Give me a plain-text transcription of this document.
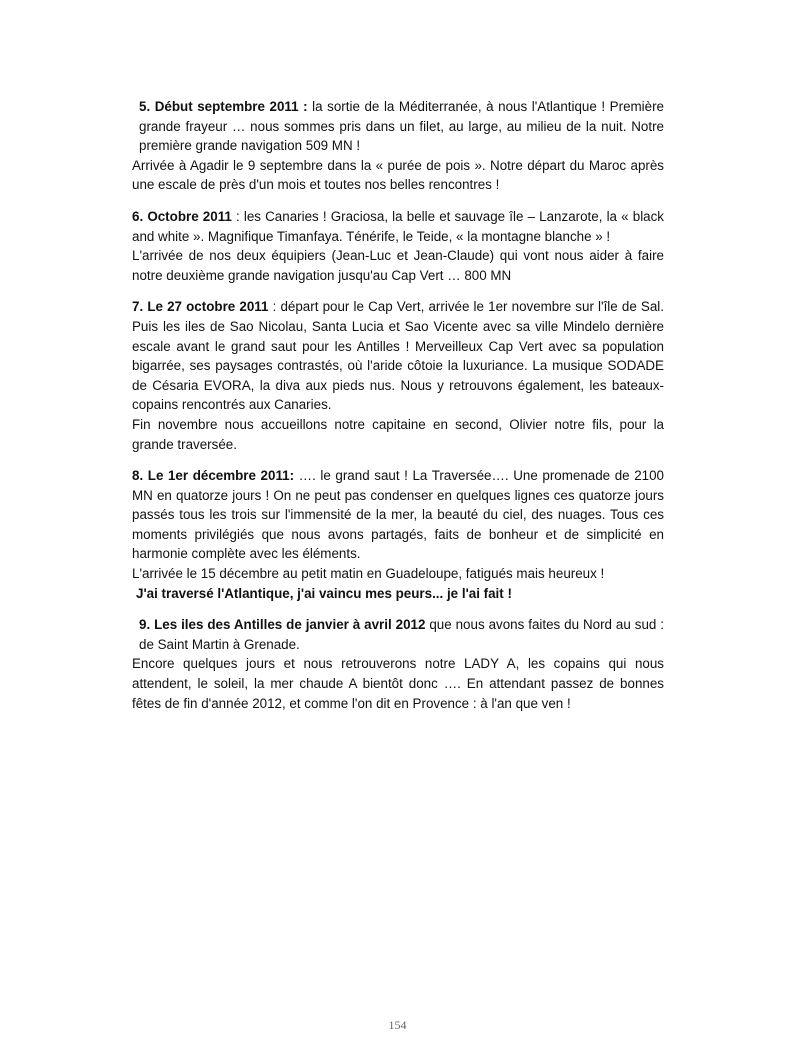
5. Début septembre 2011 : la sortie de la Méditerranée, à nous l'Atlantique ! Première grande frayeur … nous sommes pris dans un filet, au large, au milieu de la nuit. Notre première grande navigation 509 MN !

Arrivée à Agadir le 9 septembre dans la « purée de pois ». Notre départ du Maroc après une escale de près d'un mois et toutes nos belles rencontres !

6. Octobre 2011 : les Canaries ! Graciosa, la belle et sauvage île – Lanzarote, la « black and white ». Magnifique Timanfaya. Ténérife, le Teide, « la montagne blanche » !

L'arrivée de nos deux équipiers (Jean-Luc et Jean-Claude) qui vont nous aider à faire notre deuxième grande navigation jusqu'au Cap Vert … 800 MN

7. Le 27 octobre 2011 : départ pour le Cap Vert, arrivée le 1er novembre sur l'île de Sal. Puis les iles de Sao Nicolau, Santa Lucia et Sao Vicente avec sa ville Mindelo dernière escale avant le grand saut pour les Antilles ! Merveilleux Cap Vert avec sa population bigarrée, ses paysages contrastés, où l'aride côtoie la luxuriance. La musique SODADE de Césaria EVORA, la diva aux pieds nus. Nous y retrouvons également, les bateaux-copains rencontrés aux Canaries.

Fin novembre nous accueillons notre capitaine en second, Olivier notre fils, pour la grande traversée.

8. Le 1er décembre 2011: …. le grand saut ! La Traversée…. Une promenade de 2100 MN en quatorze jours ! On ne peut pas condenser en quelques lignes ces quatorze jours passés tous les trois sur l'immensité de la mer, la beauté du ciel, des nuages. Tous ces moments privilégiés que nous avons partagés, faits de bonheur et de simplicité en harmonie complète avec les éléments.

L'arrivée le 15 décembre au petit matin en Guadeloupe, fatigués mais heureux !

J'ai traversé l'Atlantique, j'ai vaincu mes peurs... je l'ai fait !

9. Les iles des Antilles de janvier à avril 2012 que nous avons faites du Nord au sud : de Saint Martin à Grenade.

Encore quelques jours et nous retrouverons notre LADY A, les copains qui nous attendent, le soleil, la mer chaude A bientôt donc …. En attendant passez de bonnes fêtes de fin d'année 2012, et comme l'on dit en Provence : à l'an que ven !

154
